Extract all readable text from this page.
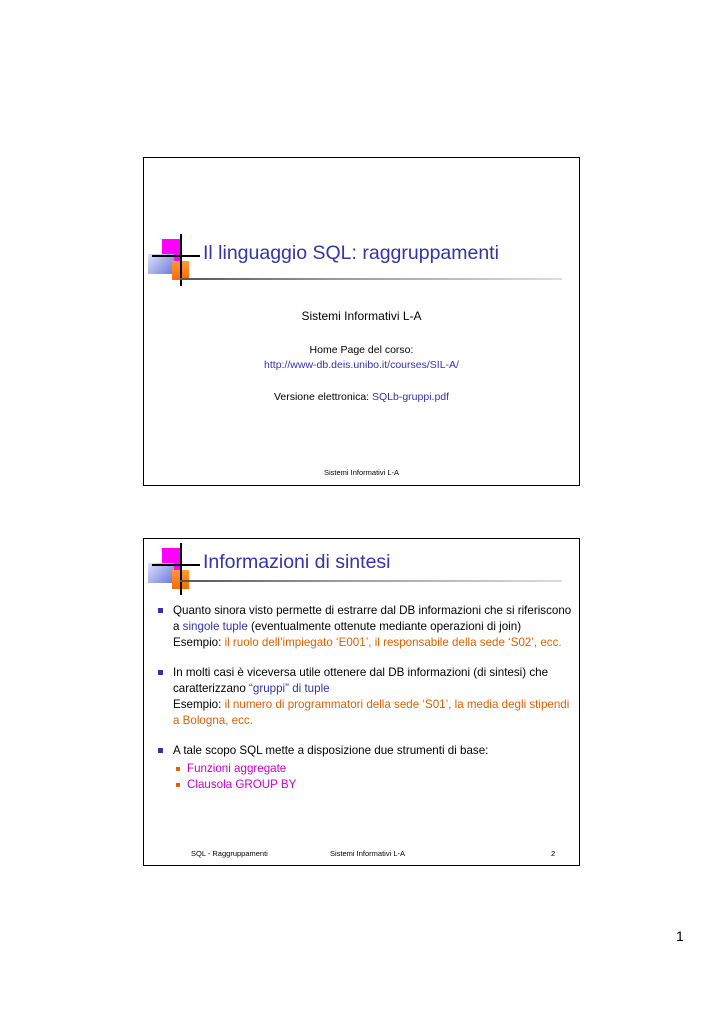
Il linguaggio SQL: raggruppamenti
Sistemi Informativi L-A
Home Page del corso:
http://www-db.deis.unibo.it/courses/SIL-A/
Versione elettronica: SQLb-gruppi.pdf
Sistemi Informativi L-A
Informazioni di sintesi
Quanto sinora visto permette di estrarre dal DB informazioni che si riferiscono a singole tuple (eventualmente ottenute mediante operazioni di join)
Esempio: il ruolo dell’impiegato ‘E001’, il responsabile della sede ‘S02’, ecc.
In molti casi è viceversa utile ottenere dal DB informazioni (di sintesi) che caratterizzano “gruppi” di tuple
Esempio: il numero di programmatori della sede ‘S01’, la media degli stipendi a Bologna, ecc.
A tale scopo SQL mette a disposizione due strumenti di base:
Funzioni aggregate
Clausola GROUP BY
SQL - Raggruppamenti	Sistemi Informativi L-A	2
1
